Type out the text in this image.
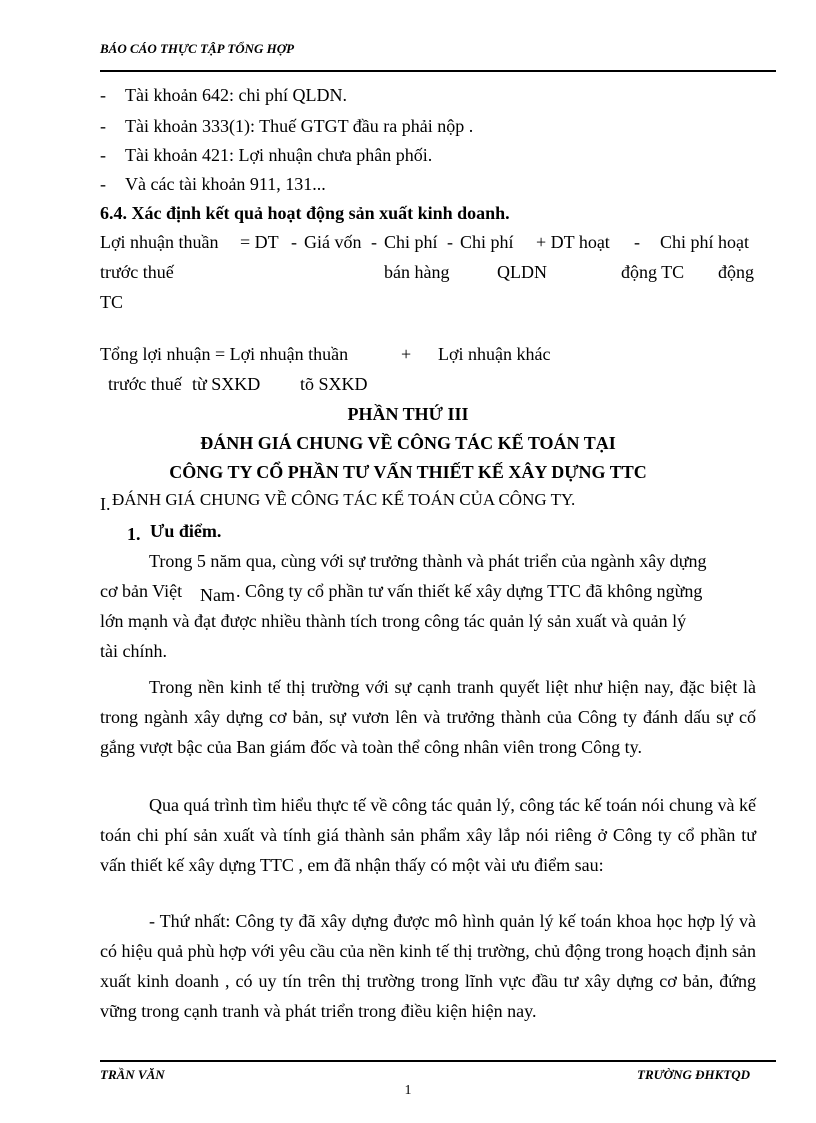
BÁO CÁO THỰC TẬP TỔNG HỢP
- Tài khoản 642: chi phí QLDN.
- Tài khoản 333(1): Thuế GTGT đầu ra phải nộp .
- Tài khoản 421: Lợi nhuận chưa phân phối.
- Và các tài khoản 911, 131...
6.4. Xác định kết quả hoạt động sản xuất kinh doanh.
Lợi nhuận thuần = DT - Giá vốn - Chi phí - Chi phí + DT hoạt - Chi phí hoạt
trước thuế	bán hàng	QLDN	động TC động
TC
Tổng lợi nhuận = Lợi nhuận thuần	+ Lợi nhuận khác
trước thuế từ SXKD tõ SXKD
PHẦN THỨ III
ĐÁNH GIÁ CHUNG VỀ CÔNG TÁC KẾ TOÁN TẠI
CÔNG TY CỔ PHẦN TƯ VẤN THIẾT KẾ XÂY DỰNG TTC
I. ĐÁNH GIÁ CHUNG VỀ CÔNG TÁC KẾ TOÁN CỦA CÔNG TY.
1. Ưu điểm.
Trong 5 năm qua, cùng với sự trưởng thành và phát triển của ngành xây dựng
cơ bản Việt Nam . Công ty cổ phần tư vấn thiết kế xây dựng TTC đã không ngừng
lớn mạnh và đạt được nhiều thành tích trong công tác quản lý sản xuất và quản lý
tài chính.
Trong nền kinh tế thị trường với sự cạnh tranh quyết liệt như hiện nay, đặc biệt là trong ngành xây dựng cơ bản, sự vươn lên và trưởng thành của Công ty đánh dấu sự cố gắng vượt bậc của Ban giám đốc và toàn thể công nhân viên trong Công ty.
Qua quá trình tìm hiểu thực tế về công tác quản lý, công tác kế toán nói chung và kế toán chi phí sản xuất và tính giá thành sản phẩm xây lắp nói riêng ở Công ty cổ phần tư vấn thiết kế xây dựng TTC , em đã nhận thấy có một vài ưu điểm sau:
- Thứ nhất: Công ty đã xây dựng được mô hình quản lý kế toán khoa học hợp lý và có hiệu quả phù hợp với yêu cầu của nền kinh tế thị trường, chủ động trong hoạch định sản xuất kinh doanh , có uy tín trên thị trường trong lĩnh vực đầu tư xây dựng cơ bản, đứng vững trong cạnh tranh và phát triển trong điều kiện hiện nay.
TRẦN VĂN	TRƯỜNG ĐHKTQD
1
